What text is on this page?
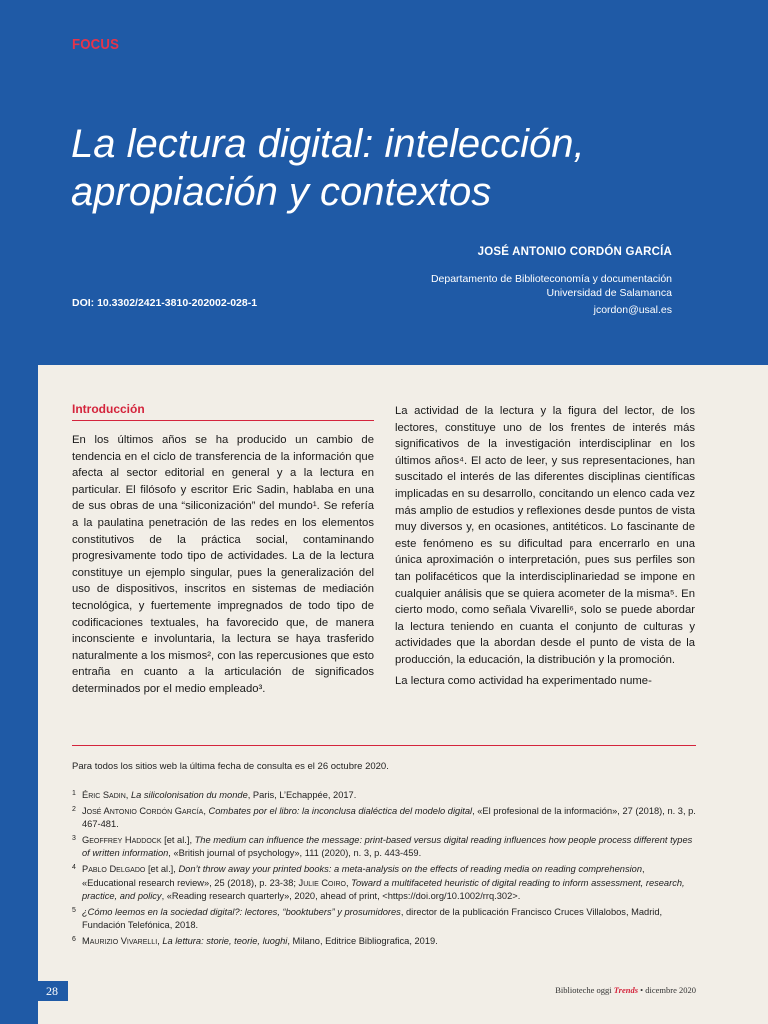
FOCUS
La lectura digital: intelección,
apropiación y contextos
JOSÉ ANTONIO CORDÓN GARCÍA
Departamento de Biblioteconomía y documentación
Universidad de Salamanca
jcordon@usal.es
DOI: 10.3302/2421-3810-202002-028-1
Introducción

En los últimos años se ha producido un cambio de tendencia en el ciclo de transferencia de la información que afecta al sector editorial en general y a la lectura en particular. El filósofo y escritor Eric Sadin, hablaba en una de sus obras de una “siliconización” del mundo¹. Se refería a la paulatina penetración de las redes en los elementos constitutivos de la práctica social, contaminando progresivamente todo tipo de actividades. La de la lectura constituye un ejemplo singular, pues la generalización del uso de dispositivos, inscritos en sistemas de mediación tecnológica, y fuertemente impregnados de todo tipo de codificaciones textuales, ha favorecido que, de manera inconsciente e involuntaria, la lectura se haya trasferido naturalmente a los mismos², con las repercusiones que esto entraña en cuanto a la articulación de significados determinados por el medio empleado³.

La actividad de la lectura y la figura del lector, de los lectores, constituye uno de los frentes de interés más significativos de la investigación interdisciplinar en los últimos años⁴. El acto de leer, y sus representaciones, han suscitado el interés de las diferentes disciplinas científicas implicadas en su desarrollo, concitando un elenco cada vez más amplio de estudios y reflexiones desde puntos de vista muy diversos y, en ocasiones, antitéticos. Lo fascinante de este fenómeno es su dificultad para encerrarlo en una única aproximación o interpretación, pues sus perfiles son tan polifacéticos que la interdisciplinariedad se impone en cualquier análisis que se quiera acometer de la misma⁵. En cierto modo, como señala Vivarelli⁶, solo se puede abordar la lectura teniendo en cuanta el conjunto de culturas y actividades que la abordan desde el punto de vista de la producción, la educación, la distribución y la promoción.

La lectura como actividad ha experimentado nume-

Para todos los sitios web la última fecha de consulta es el 26 octubre 2020.
1 Éric Sadin, La silicolonisation du monde, Paris, L’Echappée, 2017.
2 José Antonio Cordón García, Combates por el libro: la inconclusa dialéctica del modelo digital, «El profesional de la información», 27 (2018), n. 3, p. 467-481.
3 Geoffrey Haddock [et al.], The medium can influence the message: print-based versus digital reading influences how people process different types of written information, «British journal of psychology», 111 (2020), n. 3, p. 443-459.
4 Pablo Delgado [et al.], Don’t throw away your printed books: a meta-analysis on the effects of reading media on reading comprehension, «Educational research review», 25 (2018), p. 23-38; Julie Coiro, Toward a multifaceted heuristic of digital reading to inform assessment, research, practice, and policy, «Reading research quarterly», 2020, ahead of print, <https://doi.org/10.1002/rrq.302>.
5 ¿Cómo leemos en la sociedad digital?: lectores, “booktubers” y prosumidores, director de la publicación Francisco Cruces Villalobos, Madrid, Fundación Telefónica, 2018.
6 Maurizio Vivarelli, La lettura: storie, teorie, luoghi, Milano, Editrice Bibliografica, 2019.
28	Biblioteche oggi Trends • dicembre 2020
